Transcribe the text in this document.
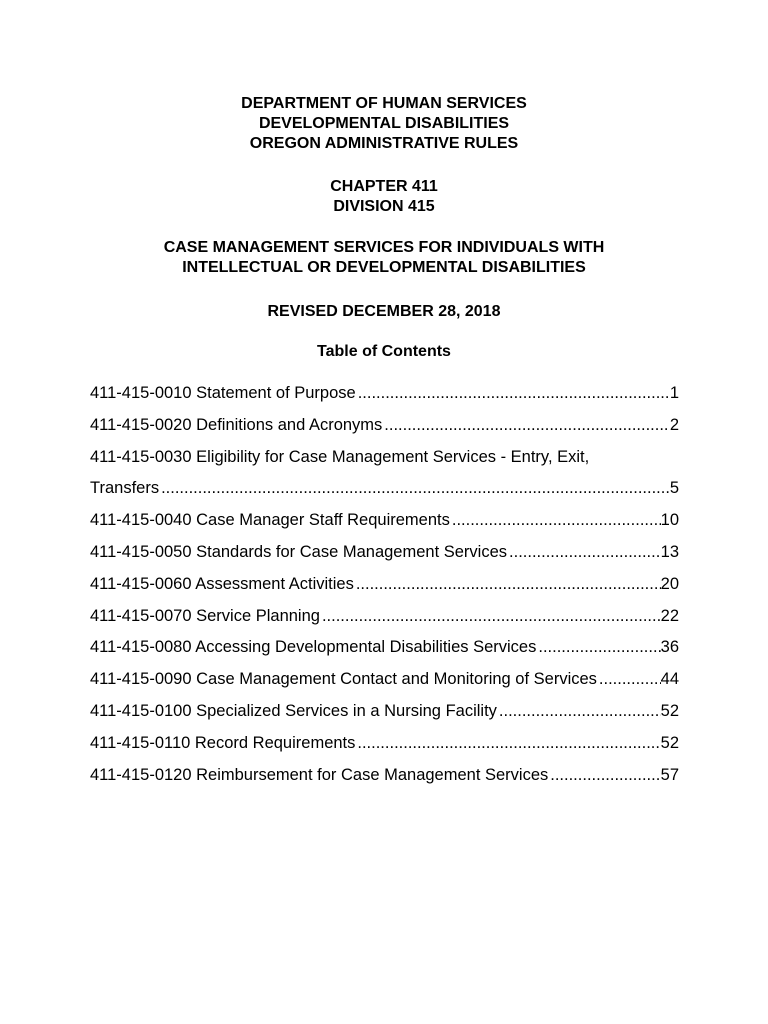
DEPARTMENT OF HUMAN SERVICES
DEVELOPMENTAL DISABILITIES
OREGON ADMINISTRATIVE RULES
CHAPTER 411
DIVISION 415
CASE MANAGEMENT SERVICES FOR INDIVIDUALS WITH
INTELLECTUAL OR DEVELOPMENTAL DISABILITIES
REVISED DECEMBER 28, 2018
Table of Contents
411-415-0010 Statement of Purpose .....	1
411-415-0020 Definitions and Acronyms .....	2
411-415-0030 Eligibility for Case Management Services - Entry, Exit,
Transfers .....	5
411-415-0040 Case Manager Staff Requirements .....	10
411-415-0050 Standards for Case Management Services .....	13
411-415-0060 Assessment Activities .....	20
411-415-0070 Service Planning .....	22
411-415-0080 Accessing Developmental Disabilities Services .....	36
411-415-0090 Case Management Contact and Monitoring of Services .....	44
411-415-0100 Specialized Services in a Nursing Facility .....	52
411-415-0110 Record Requirements .....	52
411-415-0120 Reimbursement for Case Management Services .....	57
